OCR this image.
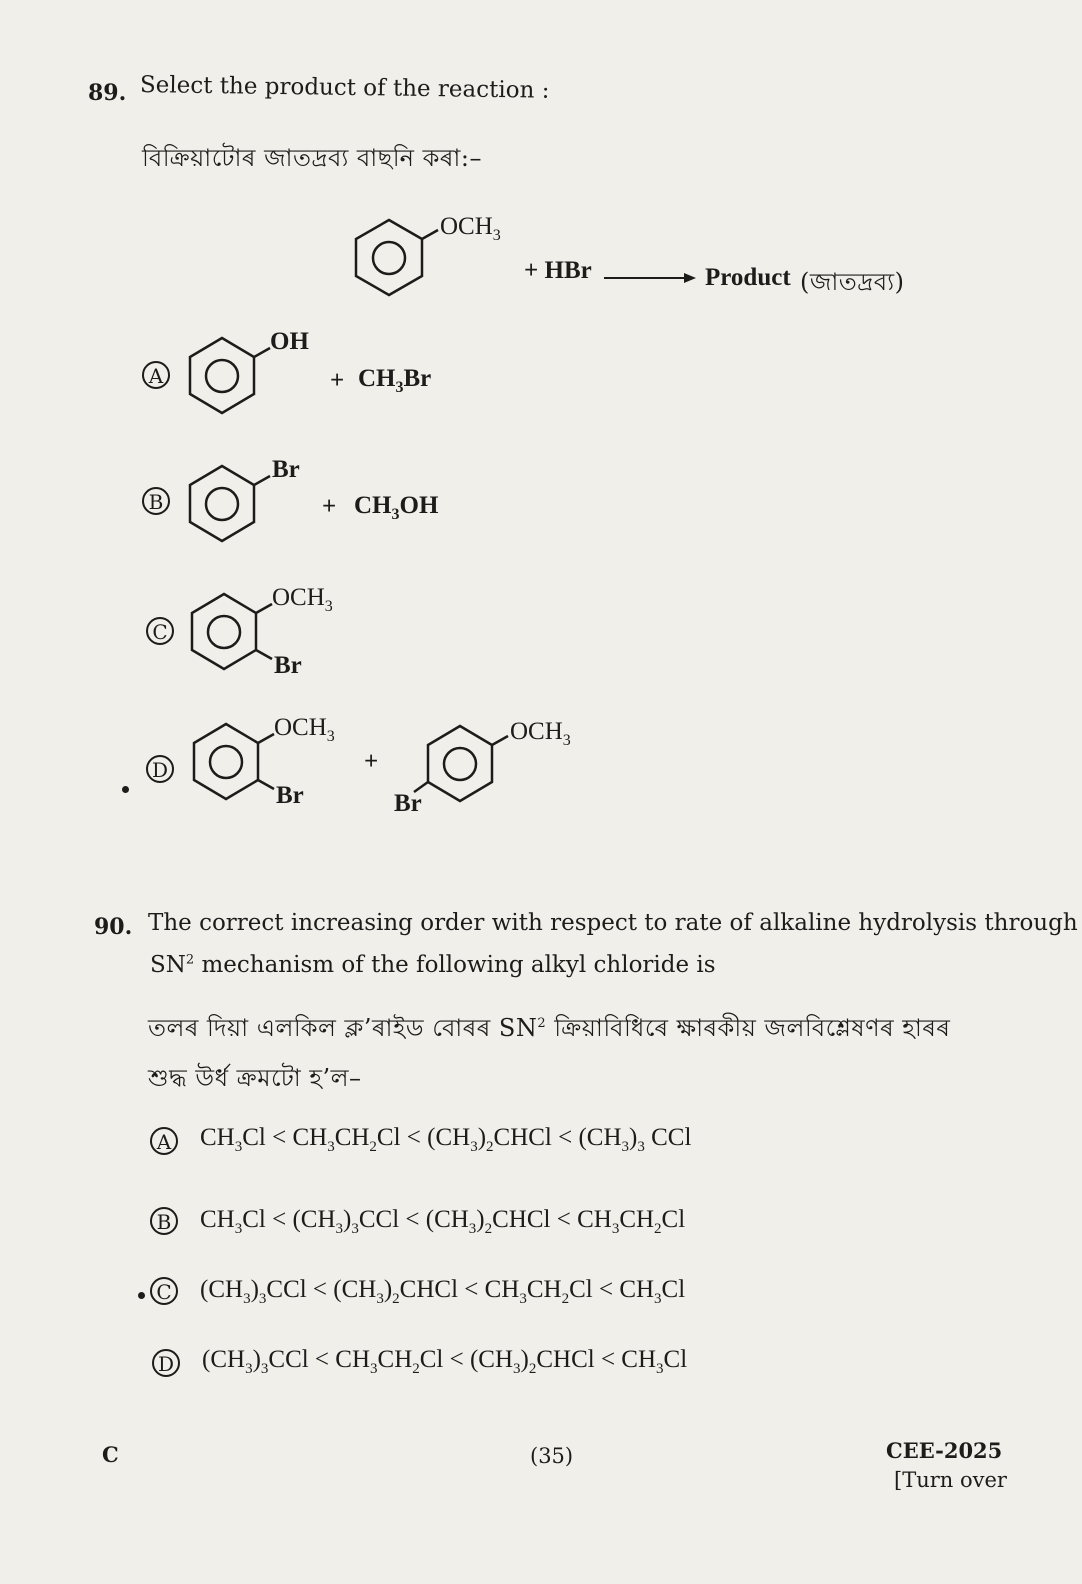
89. Select the product of the reaction :
বিক্রিয়াটোৰ জাতদ্ৰব্য বাছনি কৰা:–
$OCH_3$
+ HBr	Product (জাতদ্ৰব্য)
A
OH
+ $CH_3Br$
B
Br
+ $CH_3OH$
C
$OCH_3$
Br
D
$OCH_3$
Br
+
$OCH_3$
Br
90. The correct increasing order with respect to rate of alkaline hydrolysis through
$SN^2$ mechanism of the following alkyl chloride is
তলৰ দিয়া এলকিল ক্ল’ৰাইড বোৰৰ $SN^2$ ক্রিয়াবিধিৰে ক্ষাৰকীয় জলবিশ্লেষণৰ হাৰৰ
শুদ্ধ উৰ্ধ ক্রমটো হ’ল–
A $CH_3Cl < CH_3CH_2Cl$ < $(CH_3)_2CHCl < (CH_3)_3$ CCl
B $CH_3Cl < (CH_3)_3CCl$ < $(CH_3)_2CHCl < CH_3CH_2Cl$
C $(CH_3)_3CCl$ < $(CH_3)_2CHCl < CH_3CH_2Cl < CH_3Cl$
D $(CH_3)_3CCl < CH_3CH_2Cl$ < $(CH_3)_2CHCl < CH_3Cl$
C	(35)	CEE-2025
[Turn over
